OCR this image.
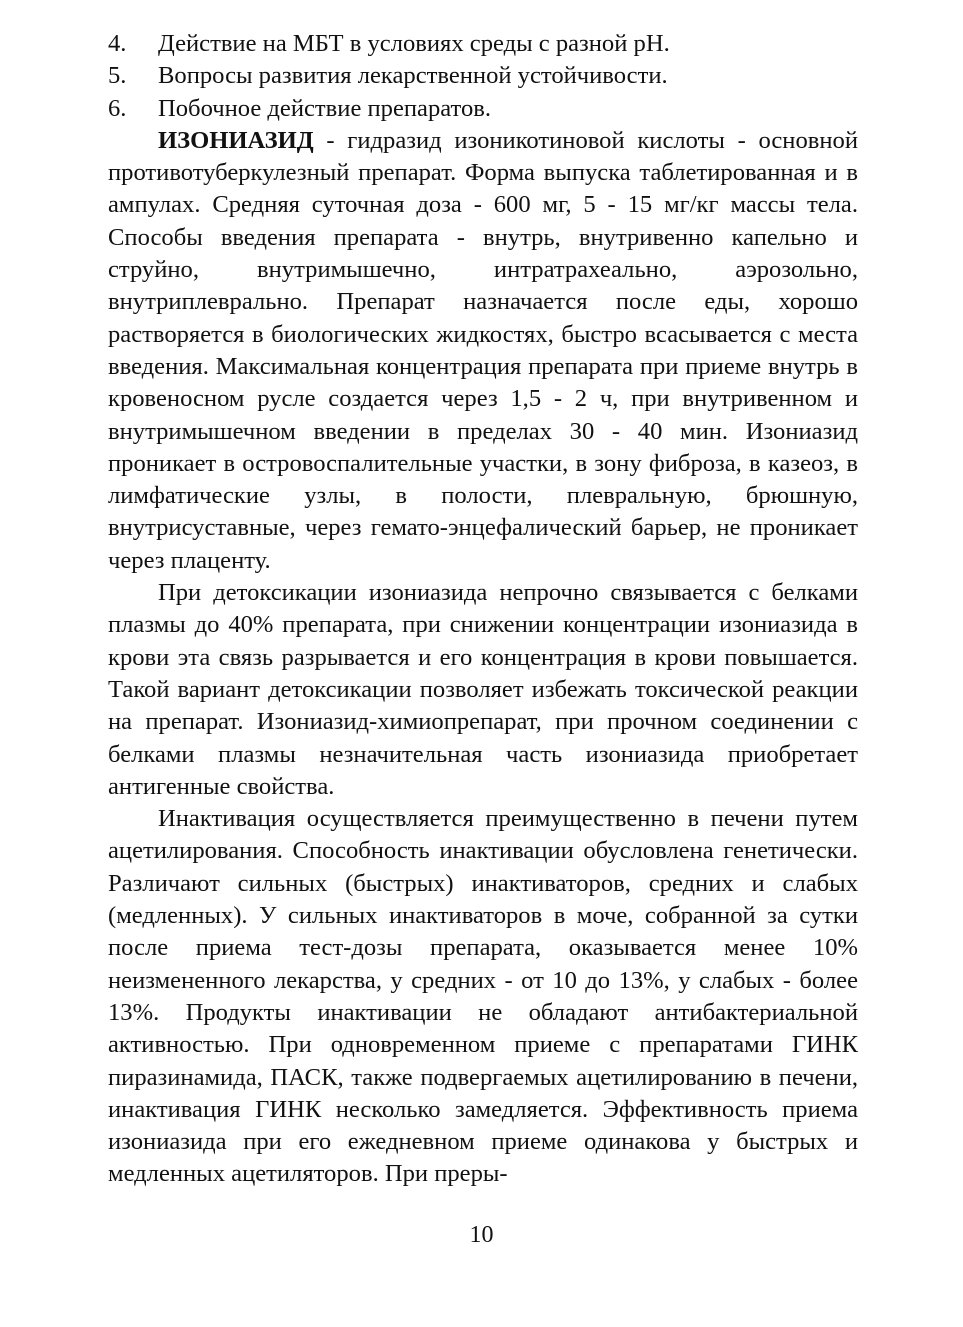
4.	Действие на МБТ в условиях среды с разной pH.
5.	Вопросы развития лекарственной устойчивости.
6.	Побочное действие препаратов.

ИЗОНИАЗИД - гидразид изоникотиновой кислоты - основной противотуберкулезный препарат. Форма выпуска таблетированная и в ампулах. Средняя суточная доза - 600 мг, 5 - 15 мг/кг массы тела. Способы введения препарата - внутрь, внутривенно капельно и струйно, внутримышечно, интратрахеально, аэрозольно, внутриплеврально. Препарат назначается после еды, хорошо растворяется в биологических жидкостях, быстро всасывается с места введения. Максимальная концентрация препарата при приеме внутрь в кровеносном русле создается через 1,5 - 2 ч, при внутривенном и внутримышечном введении в пределах 30 - 40 мин. Изониазид проникает в островоспалительные участки, в зону фиброза, в казеоз, в лимфатические узлы, в полости, плевральную, брюшную, внутрисуставные, через гемато-энцефалический барьер, не проникает через плаценту.

При детоксикации изониазида непрочно связывается с белками плазмы до 40% препарата, при снижении концентрации изониазида в крови эта связь разрывается и его концентрация в крови повышается. Такой вариант детоксикации позволяет избежать токсической реакции на препарат. Изониазид-химиопрепарат, при прочном соединении с белками плазмы незначительная часть изониазида приобретает антигенные свойства.

Инактивация осуществляется преимущественно в печени путем ацетилирования. Способность инактивации обусловлена генетически. Различают сильных (быстрых) инактиваторов, средних и слабых (медленных). У сильных инактиваторов в моче, собранной за сутки после приема тест-дозы препарата, оказывается менее 10% неизмененного лекарства, у средних - от 10 до 13%, у слабых - более 13%. Продукты инактивации не обладают антибактериальной активностью. При одновременном приеме с препаратами ГИНК пиразинамида, ПАСК, также подвергаемых ацетилированию в печени, инактивация ГИНК несколько замедляется. Эффективность приема изониазида при его ежедневном приеме одинакова у быстрых и медленных ацетиляторов. При преры-

10
